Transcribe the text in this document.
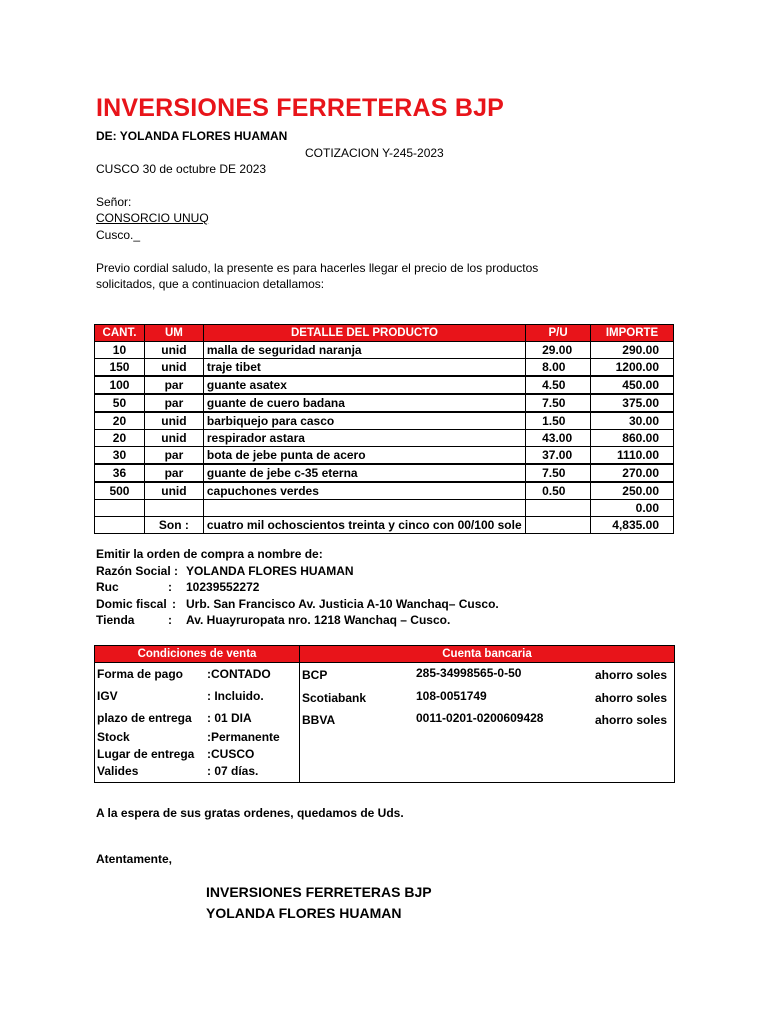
INVERSIONES FERRETERAS BJP
DE: YOLANDA FLORES HUAMAN
COTIZACION Y-245-2023
CUSCO 30 de octubre DE 2023
Señor:
CONSORCIO UNUQ
Cusco._
Previo cordial saludo, la presente es para hacerles llegar el precio de los productos
solicitados, que a continuacion detallamos:
CANT.	UM	DETALLE DEL PRODUCTO	P/U	IMPORTE
10	unid	malla de seguridad naranja	29.00	290.00
150	unid	traje tibet	8.00	1200.00
100	par	guante asatex	4.50	450.00
50	par	guante de cuero badana	7.50	375.00
20	unid	barbiquejo para casco	1.50	30.00
20	unid	respirador astara	43.00	860.00
30	par	bota de jebe punta de acero	37.00	1110.00
36	par	guante de jebe c-35 eterna	7.50	270.00
500	unid	capuchones verdes	0.50	250.00
				0.00
	Son :	cuatro mil ochoscientos treinta y cinco con 00/100 sole		4,835.00
Emitir la orden de compra a nombre de:
Razón Social : YOLANDA FLORES HUAMAN
Ruc	: 10239552272
Domic fiscal : Urb. San Francisco Av. Justicia A-10 Wanchaq– Cusco.
Tienda	: Av. Huayruropata nro. 1218 Wanchaq – Cusco.
Condiciones de venta
Forma de pago :CONTADO
IGV	: Incluido.
plazo de entrega : 01 DIA
Stock	:Permanente
Lugar de entrega :CUSCO
Valides	: 07 días.
Cuenta bancaria
BCP	285-34998565-0-50	ahorro soles
Scotiabank	108-0051749	ahorro soles
BBVA	0011-0201-0200609428	ahorro soles
A la espera de sus gratas ordenes, quedamos de Uds.
Atentamente,
INVERSIONES FERRETERAS BJP
YOLANDA FLORES HUAMAN
